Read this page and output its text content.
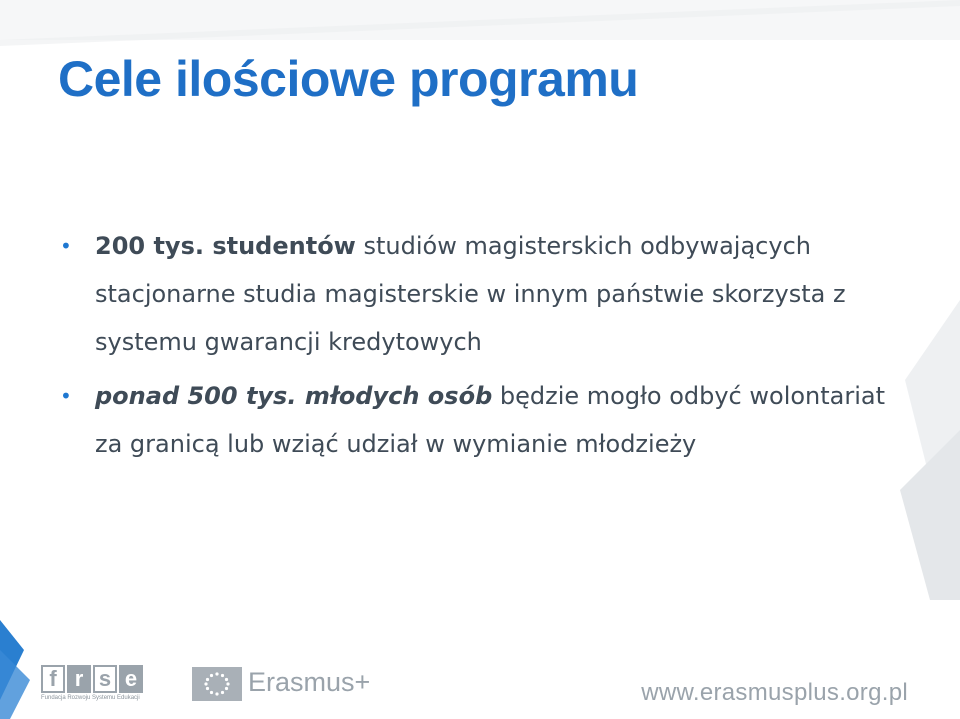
Cele ilościowe programu
• 200 tys. studentów studiów magisterskich odbywających stacjonarne studia magisterskie w innym państwie skorzysta z systemu gwarancji kredytowych
• ponad 500 tys. młodych osób będzie mogło odbyć wolontariat za granicą lub wziąć udział w wymianie młodzieży
f r s e
Fundacja Rozwoju Systemu Edukacji
Erasmus+	www.erasmusplus.org.pl
